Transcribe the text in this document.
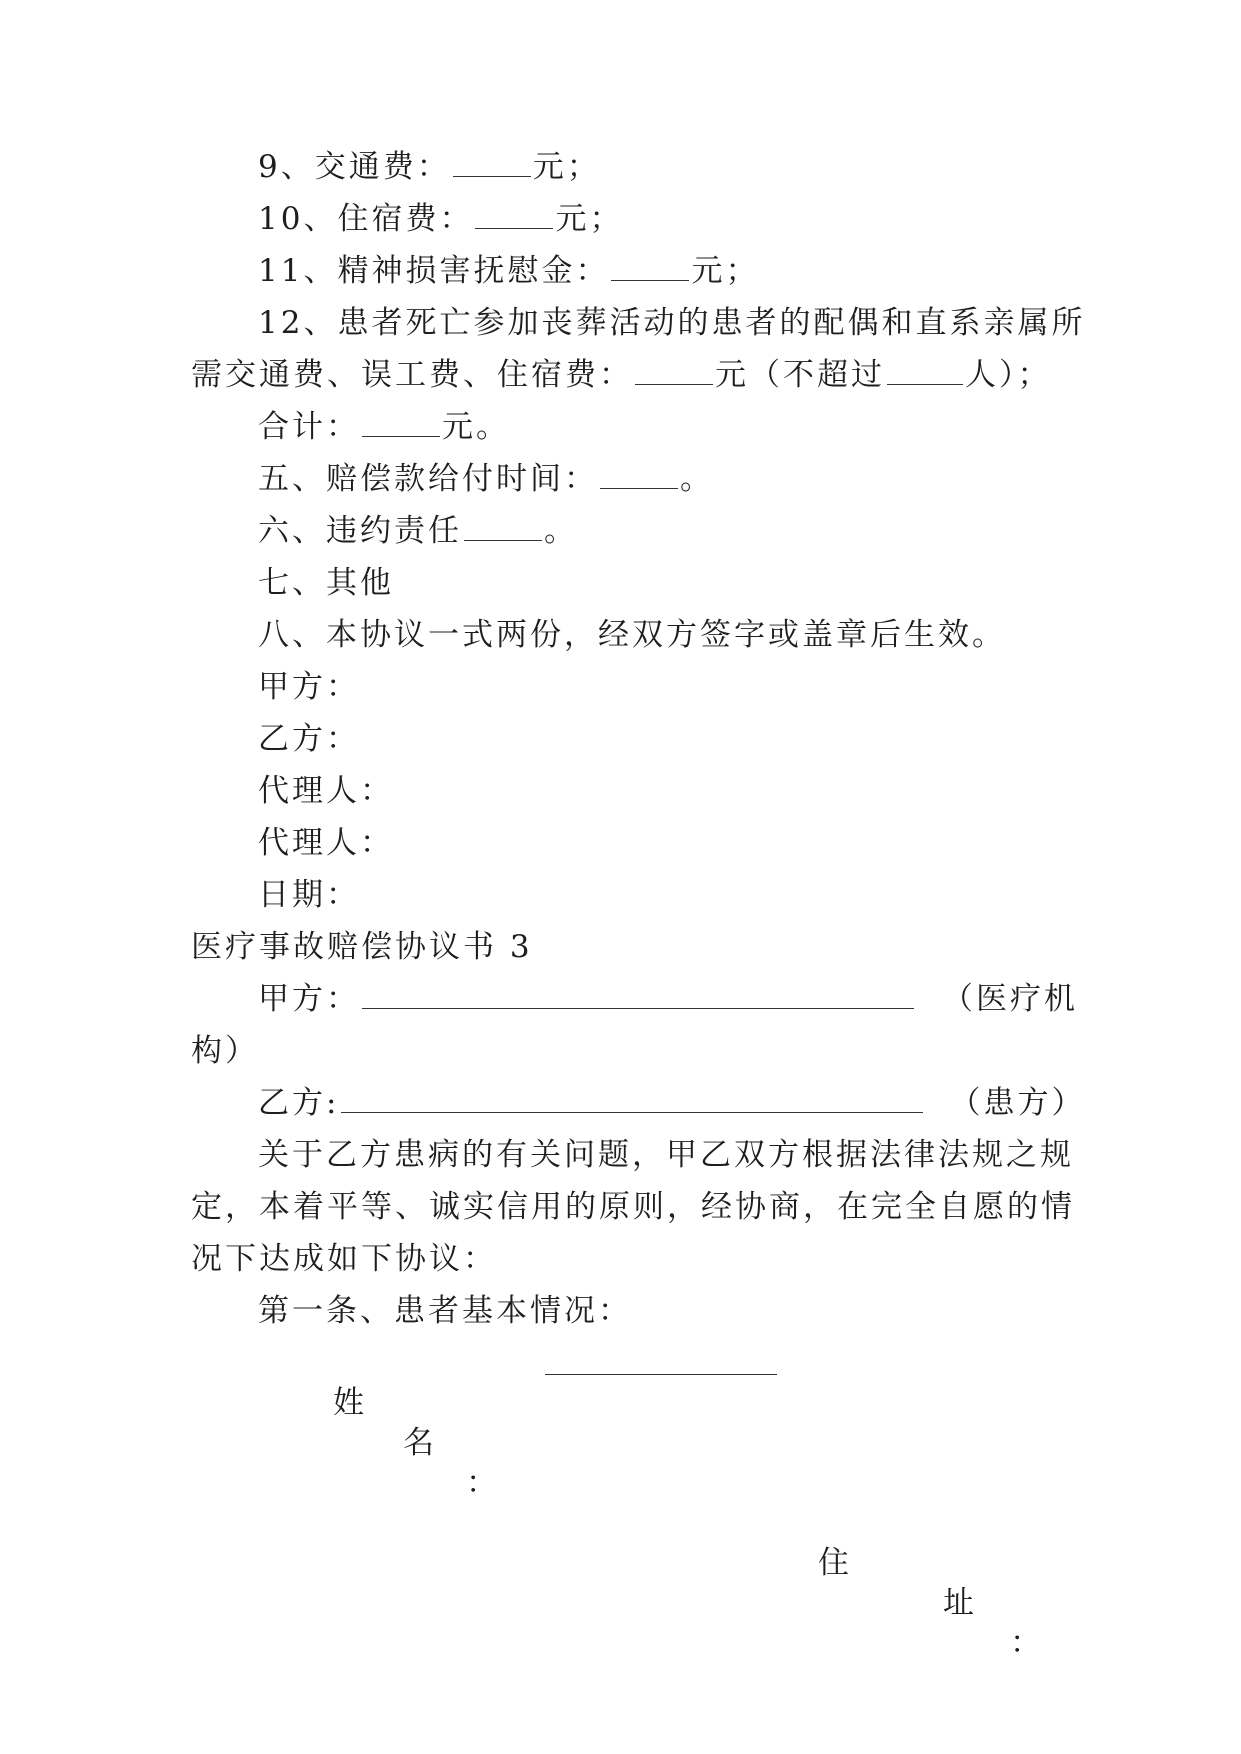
9、交通费：	元；
10、住宿费：	元；
11、精神损害抚慰金：	元；
12、患者死亡参加丧葬活动的患者的配偶和直系亲属所
需交通费、误工费、住宿费：	元（不超过	人）；
合计：	元。
五、赔偿款给付时间：	。
六、违约责任	。
七、其他
八、本协议一式两份，经双方签字或盖章后生效。
甲方：
乙方：
代理人：
代理人：
日期：
医疗事故赔偿协议书 3
甲方：	（医疗机
构）
乙方:	（患方）
关于乙方患病的有关问题，甲乙双方根据法律法规之规
定，本着平等、诚实信用的原则，经协商，在完全自愿的情
况下达成如下协议：
第一条、患者基本情况：

姓

名

：

住

址

：
